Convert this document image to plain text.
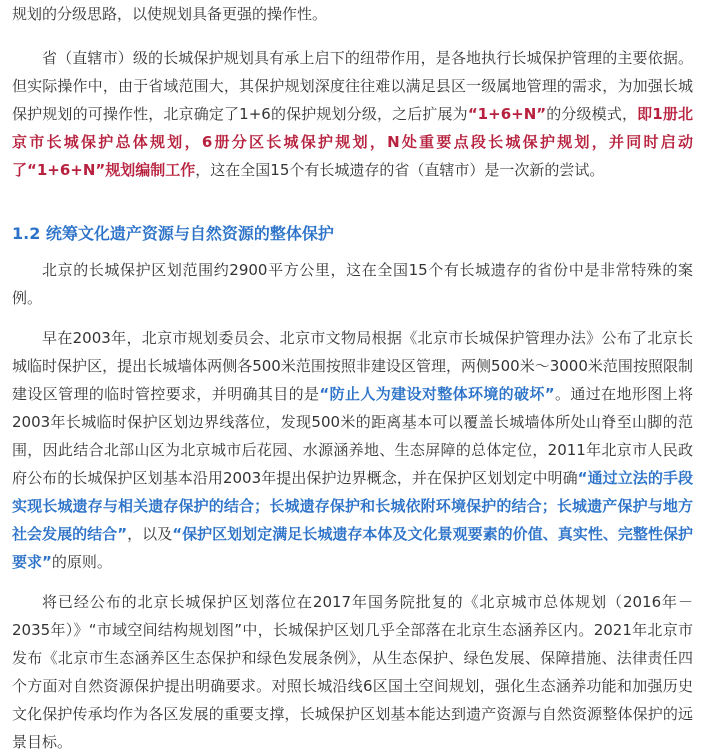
规划的分级思路，以使规划具备更强的操作性。

省（直辖市）级的长城保护规划具有承上启下的纽带作用，是各地执行长城保护管理的主要依据。但实际操作中，由于省域范围大，其保护规划深度往往难以满足县区一级属地管理的需求，为加强长城保护规划的可操作性，北京确定了1+6的保护规划分级，之后扩展为“1+6+N”的分级模式，即1册北京市长城保护总体规划，6册分区长城保护规划，N处重要点段长城保护规划，并同时启动了“1+6+N”规划编制工作，这在全国15个有长城遗存的省（直辖市）是一次新的尝试。

1.2 统筹文化遗产资源与自然资源的整体保护

北京的长城保护区划范围约2900平方公里，这在全国15个有长城遗存的省份中是非常特殊的案例。

早在2003年，北京市规划委员会、北京市文物局根据《北京市长城保护管理办法》公布了北京长城临时保护区，提出长城墙体两侧各500米范围按照非建设区管理，两侧500米～3000米范围按照限制建设区管理的临时管控要求，并明确其目的是“防止人为建设对整体环境的破坏”。通过在地形图上将2003年长城临时保护区划边界线落位，发现500米的距离基本可以覆盖长城墙体所处山脊至山脚的范围，因此结合北部山区为北京城市后花园、水源涵养地、生态屏障的总体定位，2011年北京市人民政府公布的长城保护区划基本沿用2003年提出保护边界概念，并在保护区划划定中明确“通过立法的手段实现长城遗存与相关遗存保护的结合；长城遗存保护和长城依附环境保护的结合；长城遗产保护与地方社会发展的结合”，以及“保护区划划定满足长城遗存本体及文化景观要素的价值、真实性、完整性保护要求”的原则。

将已经公布的北京长城保护区划落位在2017年国务院批复的《北京城市总体规划（2016年－2035年）》“市域空间结构规划图”中，长城保护区划几乎全部落在北京生态涵养区内。2021年北京市发布《北京市生态涵养区生态保护和绿色发展条例》，从生态保护、绿色发展、保障措施、法律责任四个方面对自然资源保护提出明确要求。对照长城沿线6区国土空间规划，强化生态涵养功能和加强历史文化保护传承均作为各区发展的重要支撑，长城保护区划基本能达到遗产资源与自然资源整体保护的远景目标。
